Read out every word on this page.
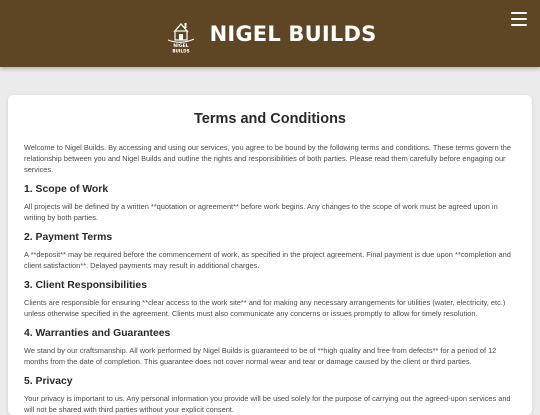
NIGEL
BUILDS
NIGEL BUILDS
Terms and Conditions

Welcome to Nigel Builds. By accessing and using our services, you agree to be bound by the following terms and conditions. These terms govern the relationship between you and Nigel Builds and outline the rights and responsibilities of both parties. Please read them carefully before engaging our services.

1. Scope of Work

All projects will be defined by a written **quotation or agreement** before work begins. Any changes to the scope of work must be agreed upon in writing by both parties.

2. Payment Terms

A **deposit** may be required before the commencement of work, as specified in the project agreement. Final payment is due upon **completion and client satisfaction**. Delayed payments may result in additional charges.

3. Client Responsibilities

Clients are responsible for ensuring **clear access to the work site** and for making any necessary arrangements for utilities (water, electricity, etc.) unless otherwise specified in the agreement. Clients must also communicate any concerns or issues promptly to allow for timely resolution.

4. Warranties and Guarantees

We stand by our craftsmanship. All work performed by Nigel Builds is guaranteed to be of **high quality and free from defects** for a period of 12 months from the date of completion. This guarantee does not cover normal wear and tear or damage caused by the client or third parties.

5. Privacy

Your privacy is important to us. Any personal information you provide will be used solely for the purpose of carrying out the agreed-upon services and will not be shared with third parties without your explicit consent.
